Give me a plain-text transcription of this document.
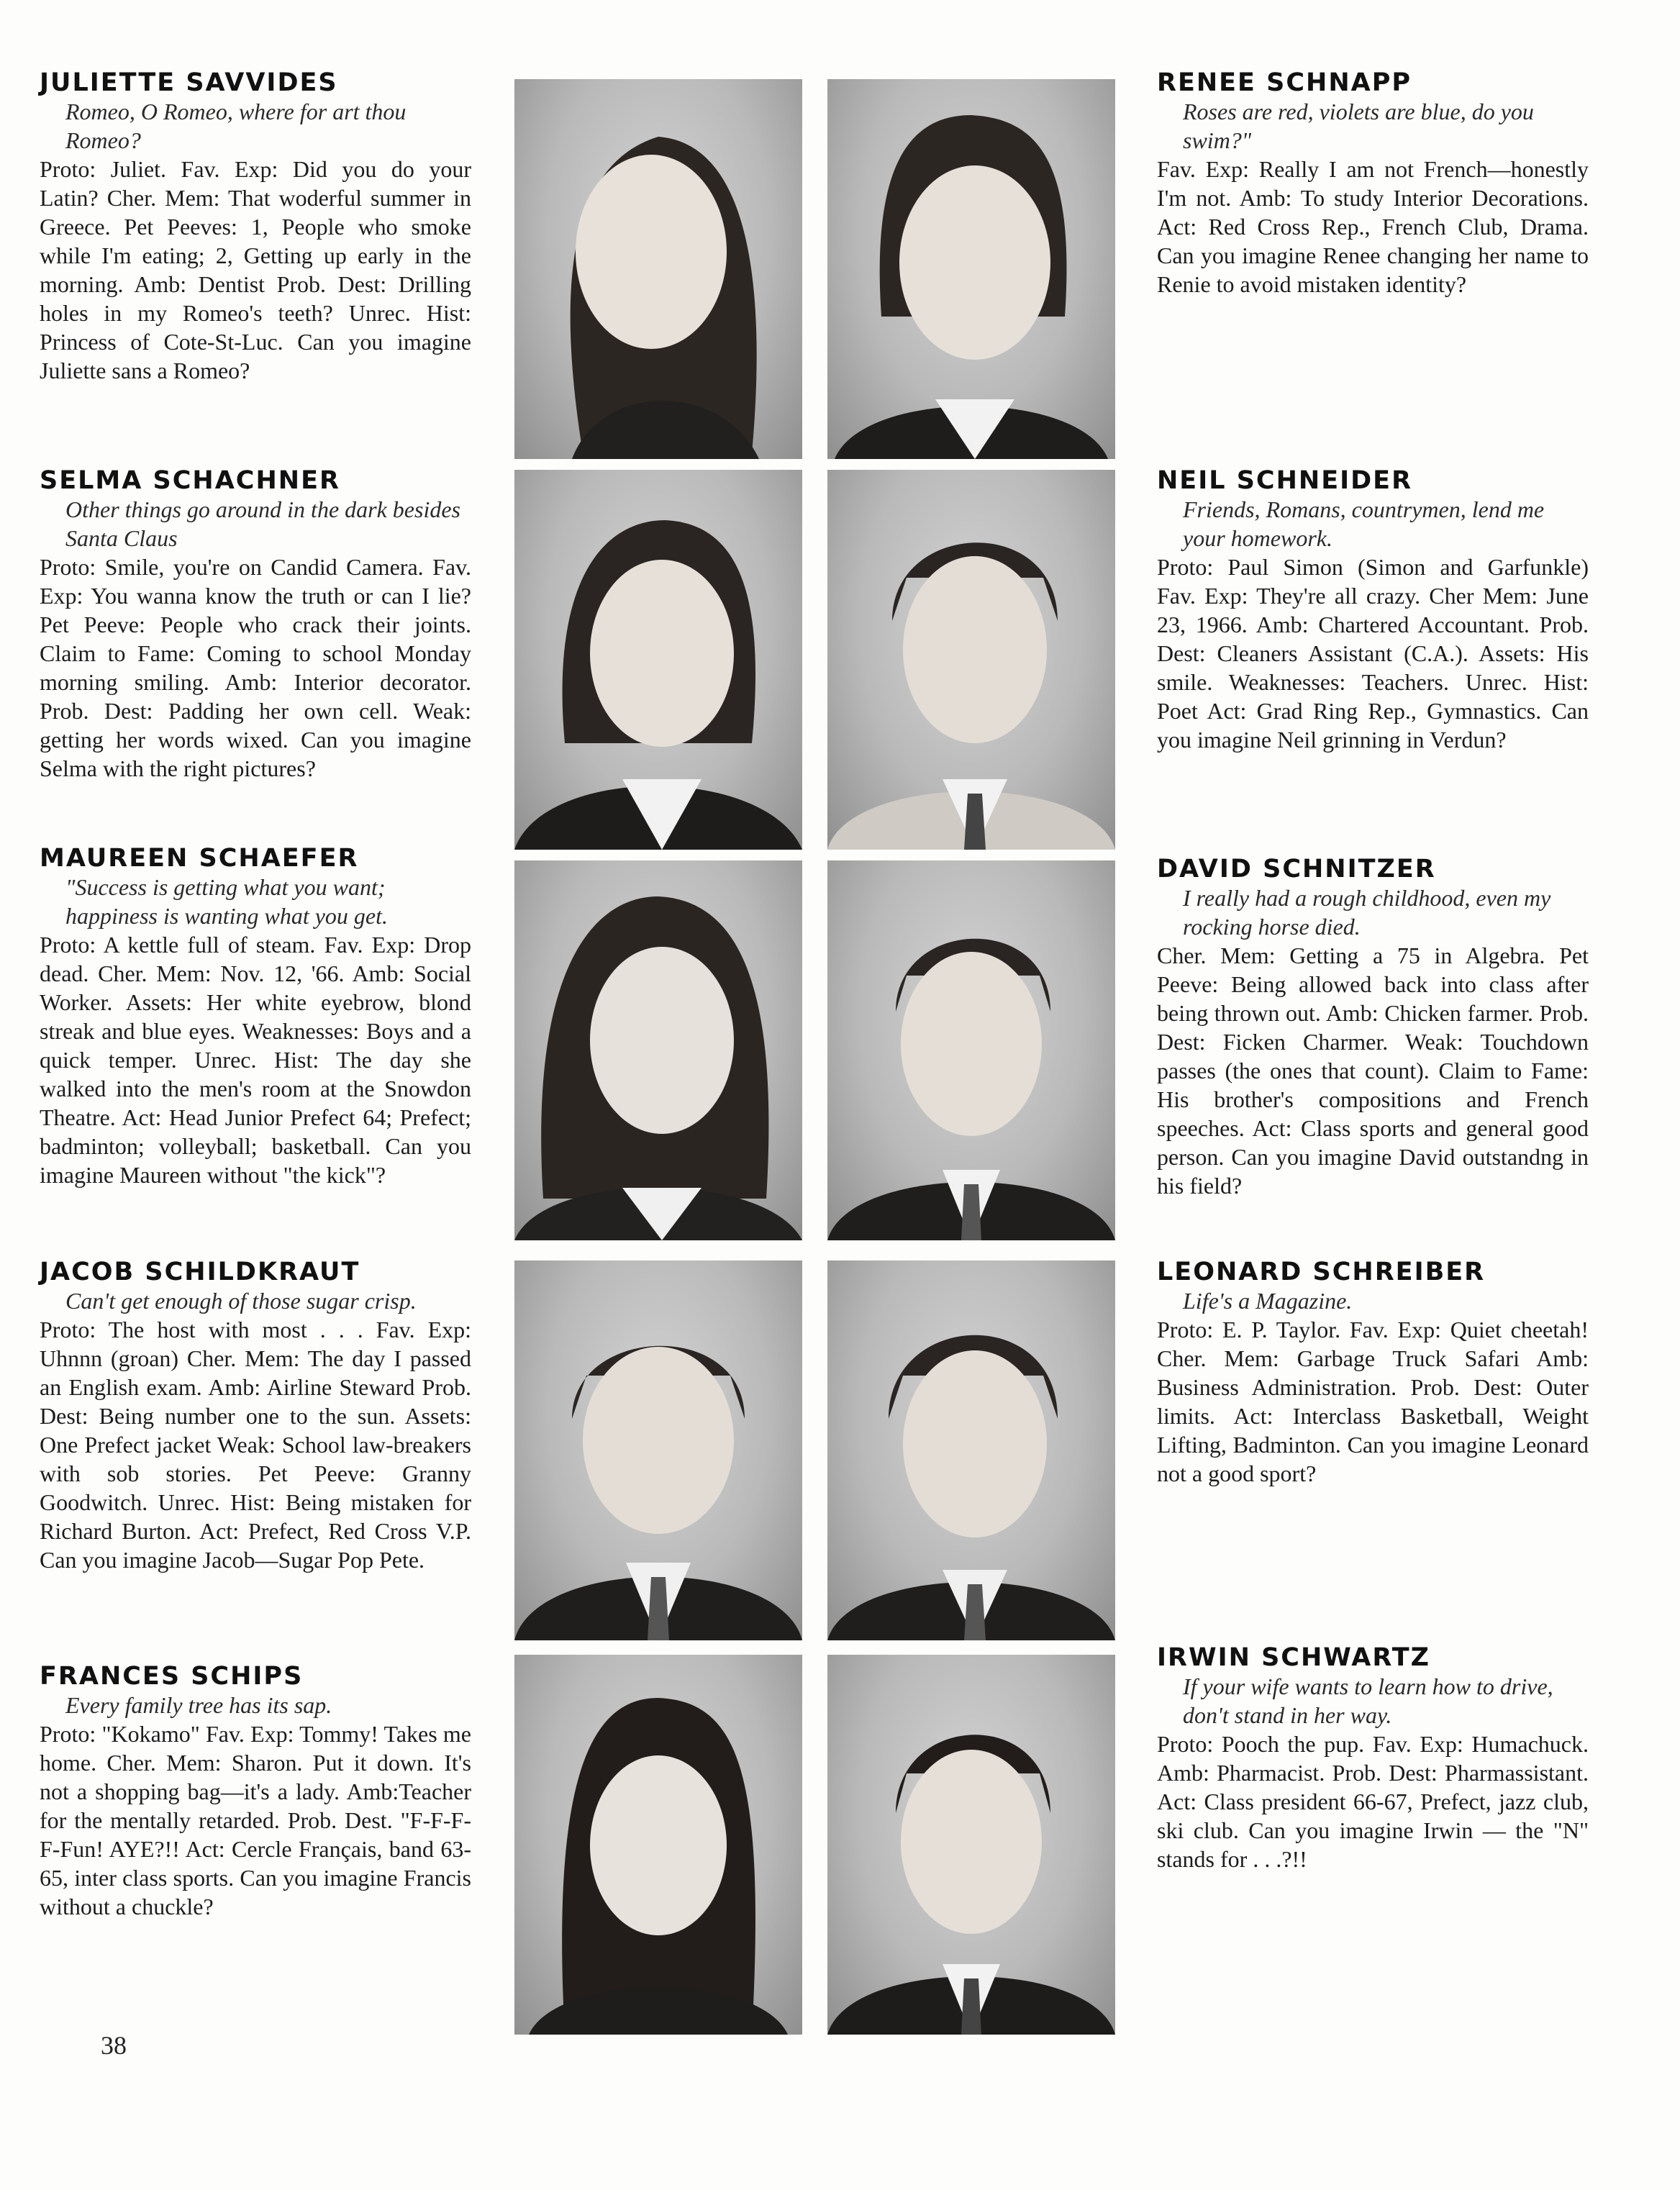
JULIETTE SAVVIDES

Romeo, O Romeo, where for art thou Romeo?

Proto: Juliet. Fav. Exp: Did you do your Latin? Cher. Mem: That woderful summer in Greece. Pet Peeves: 1, People who smoke while I'm eating; 2, Getting up early in the morning. Amb: Dentist Prob. Dest: Drilling holes in my Romeo's teeth? Unrec. Hist: Princess of Cote-St-Luc. Can you imagine Juliette sans a Romeo?

SELMA SCHACHNER

Other things go around in the dark besides Santa Claus

Proto: Smile, you're on Candid Camera. Fav. Exp: You wanna know the truth or can I lie? Pet Peeve: People who crack their joints. Claim to Fame: Coming to school Monday morning smiling. Amb: Interior decorator. Prob. Dest: Padding her own cell. Weak: getting her words wixed. Can you imagine Selma with the right pictures?

MAUREEN SCHAEFER

"Success is getting what you want; happiness is wanting what you get.

Proto: A kettle full of steam. Fav. Exp: Drop dead. Cher. Mem: Nov. 12, '66. Amb: Social Worker. Assets: Her white eyebrow, blond streak and blue eyes. Weaknesses: Boys and a quick temper. Unrec. Hist: The day she walked into the men's room at the Snowdon Theatre. Act: Head Junior Prefect 64; Prefect; badminton; volleyball; basketball. Can you imagine Maureen without "the kick"?

JACOB SCHILDKRAUT

Can't get enough of those sugar crisp.

Proto: The host with most . . . Fav. Exp: Uhnnn (groan) Cher. Mem: The day I passed an English exam. Amb: Airline Steward Prob. Dest: Being number one to the sun. Assets: One Prefect jacket Weak: School law-breakers with sob stories. Pet Peeve: Granny Goodwitch. Unrec. Hist: Being mistaken for Richard Burton. Act: Prefect, Red Cross V.P. Can you imagine Jacob—Sugar Pop Pete.

FRANCES SCHIPS

Every family tree has its sap.

Proto: "Kokamo" Fav. Exp: Tommy! Takes me home. Cher. Mem: Sharon. Put it down. It's not a shopping bag—it's a lady. Amb:Teacher for the mentally retarded. Prob. Dest. "F-F-F-F-Fun! AYE?!! Act: Cercle Français, band 63-65, inter class sports. Can you imagine Francis without a chuckle?

RENEE SCHNAPP

Roses are red, violets are blue, do you swim?"

Fav. Exp: Really I am not French—honestly I'm not. Amb: To study Interior Decorations. Act: Red Cross Rep., French Club, Drama. Can you imagine Renee changing her name to Renie to avoid mistaken identity?

NEIL SCHNEIDER

Friends, Romans, countrymen, lend me your homework.

Proto: Paul Simon (Simon and Garfunkle) Fav. Exp: They're all crazy. Cher Mem: June 23, 1966. Amb: Chartered Accountant. Prob. Dest: Cleaners Assistant (C.A.). Assets: His smile. Weaknesses: Teachers. Unrec. Hist: Poet Act: Grad Ring Rep., Gymnastics. Can you imagine Neil grinning in Verdun?

DAVID SCHNITZER

I really had a rough childhood, even my rocking horse died.

Cher. Mem: Getting a 75 in Algebra. Pet Peeve: Being allowed back into class after being thrown out. Amb: Chicken farmer. Prob. Dest: Ficken Charmer. Weak: Touchdown passes (the ones that count). Claim to Fame: His brother's compositions and French speeches. Act: Class sports and general good person. Can you imagine David outstandng in his field?

LEONARD SCHREIBER

Life's a Magazine.

Proto: E. P. Taylor. Fav. Exp: Quiet cheetah! Cher. Mem: Garbage Truck Safari Amb: Business Administration. Prob. Dest: Outer limits. Act: Interclass Basketball, Weight Lifting, Badminton. Can you imagine Leonard not a good sport?

IRWIN SCHWARTZ

If your wife wants to learn how to drive, don't stand in her way.

Proto: Pooch the pup. Fav. Exp: Humachuck. Amb: Pharmacist. Prob. Dest: Pharmassistant. Act: Class president 66-67, Prefect, jazz club, ski club. Can you imagine Irwin — the "N" stands for . . .?!!

38
